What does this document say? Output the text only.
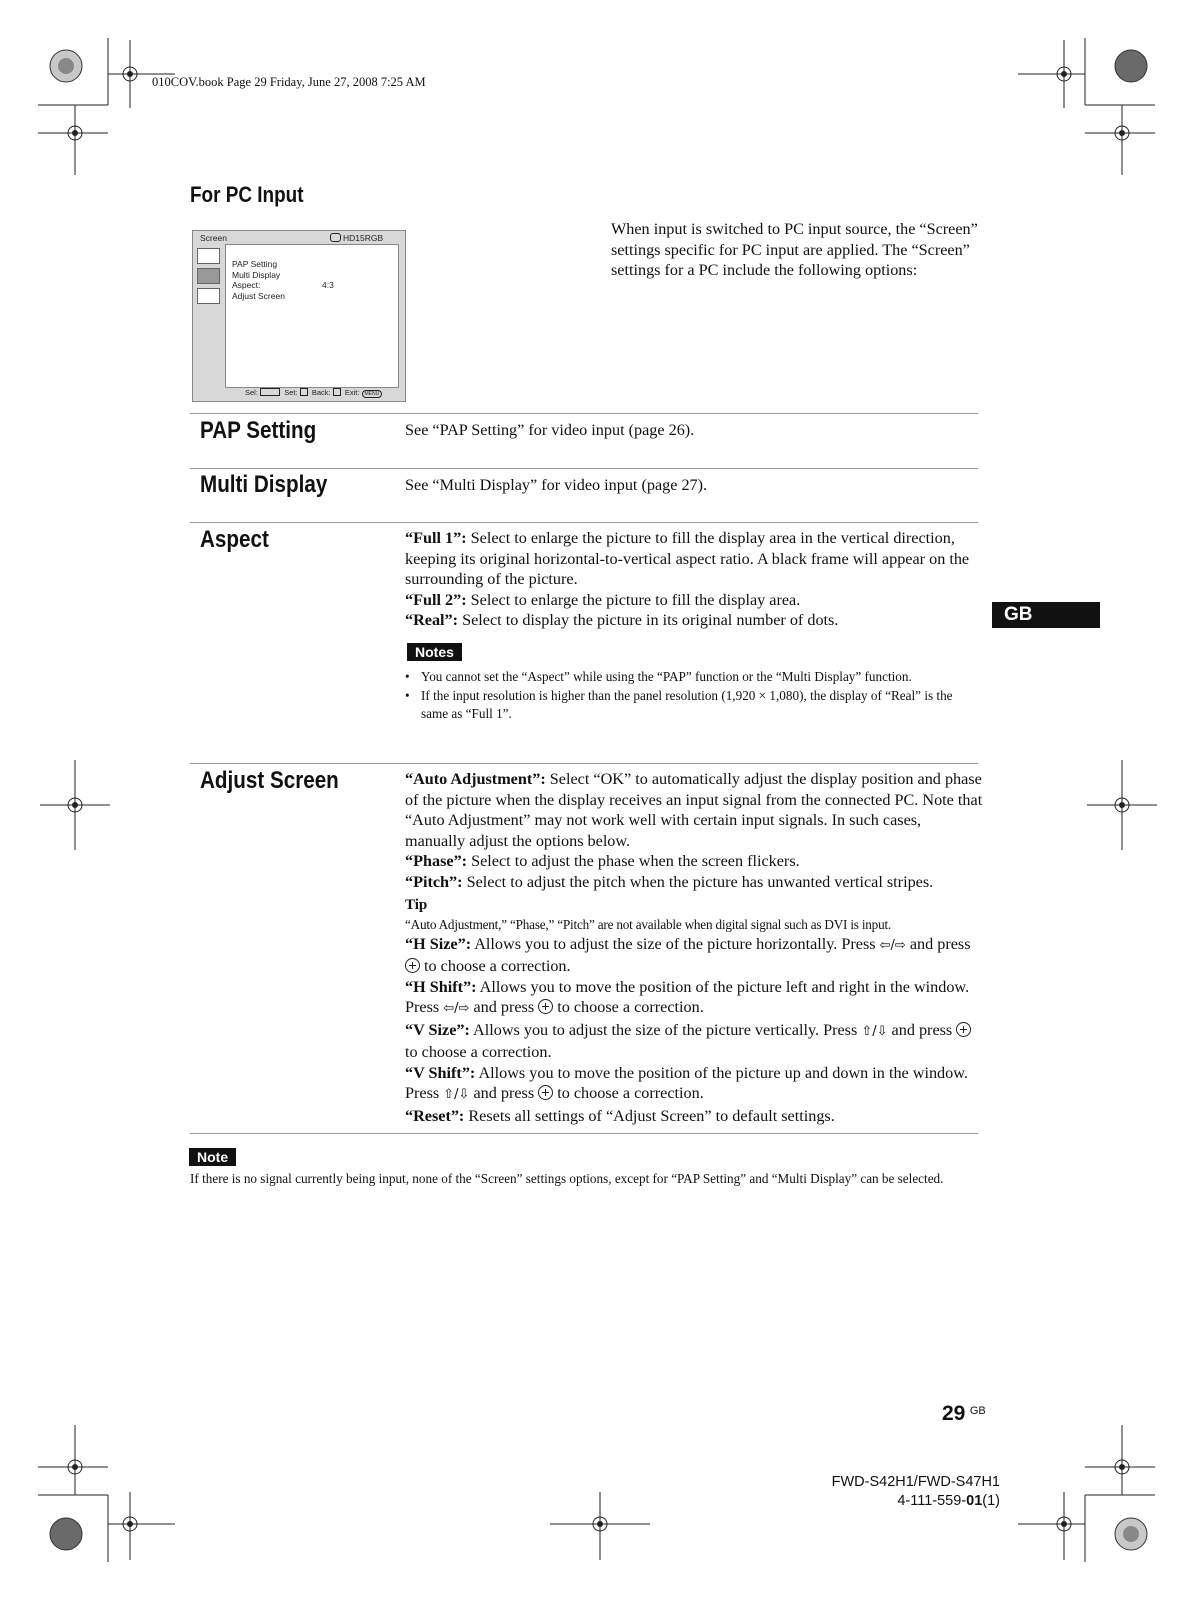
010COV.book Page 29 Friday, June 27, 2008 7:25 AM
For PC Input
Screen	HD15RGB
PAP Setting
Multi Display
Aspect:	4:3
Adjust Screen
Sel:	Set: Back: Exit: MENU
When input is switched to PC input source, the “Screen” settings specific for PC input are applied. The “Screen” settings for a PC include the following options:
PAP Setting	See “PAP Setting” for video input (page 26).
Multi Display	See “Multi Display” for video input (page 27).
Aspect	“Full 1”: Select to enlarge the picture to fill the display area in the vertical direction, keeping its original horizontal-to-vertical aspect ratio. A black frame will appear on the surrounding of the picture.
“Full 2”: Select to enlarge the picture to fill the display area.
“Real”: Select to display the picture in its original number of dots.
Notes
• You cannot set the “Aspect” while using the “PAP” function or the “Multi Display” function.
• If the input resolution is higher than the panel resolution (1,920 × 1,080), the display of “Real” is the same as “Full 1”.
GB
Adjust Screen	“Auto Adjustment”: Select “OK” to automatically adjust the display position and phase of the picture when the display receives an input signal from the connected PC. Note that “Auto Adjustment” may not work well with certain input signals. In such cases, manually adjust the options below.
“Phase”: Select to adjust the phase when the screen flickers.
“Pitch”: Select to adjust the pitch when the picture has unwanted vertical stripes.
Tip
“Auto Adjustment,” “Phase,” “Pitch” are not available when digital signal such as DVI is input.
“H Size”: Allows you to adjust the size of the picture horizontally. Press ⇦/⇨ and press  to choose a correction.
“H Shift”: Allows you to move the position of the picture left and right in the window. Press ⇦/⇨ and press  to choose a correction.
“V Size”: Allows you to adjust the size of the picture vertically. Press ⇧/⇩ and press  to choose a correction.
“V Shift”: Allows you to move the position of the picture up and down in the window. Press ⇧/⇩ and press  to choose a correction.
“Reset”: Resets all settings of “Adjust Screen” to default settings.
Note
If there is no signal currently being input, none of the “Screen” settings options, except for “PAP Setting” and “Multi Display” can be selected.
29 $^{GB}$
FWD-S42H1/FWD-S47H1
4-111-559-01(1)
